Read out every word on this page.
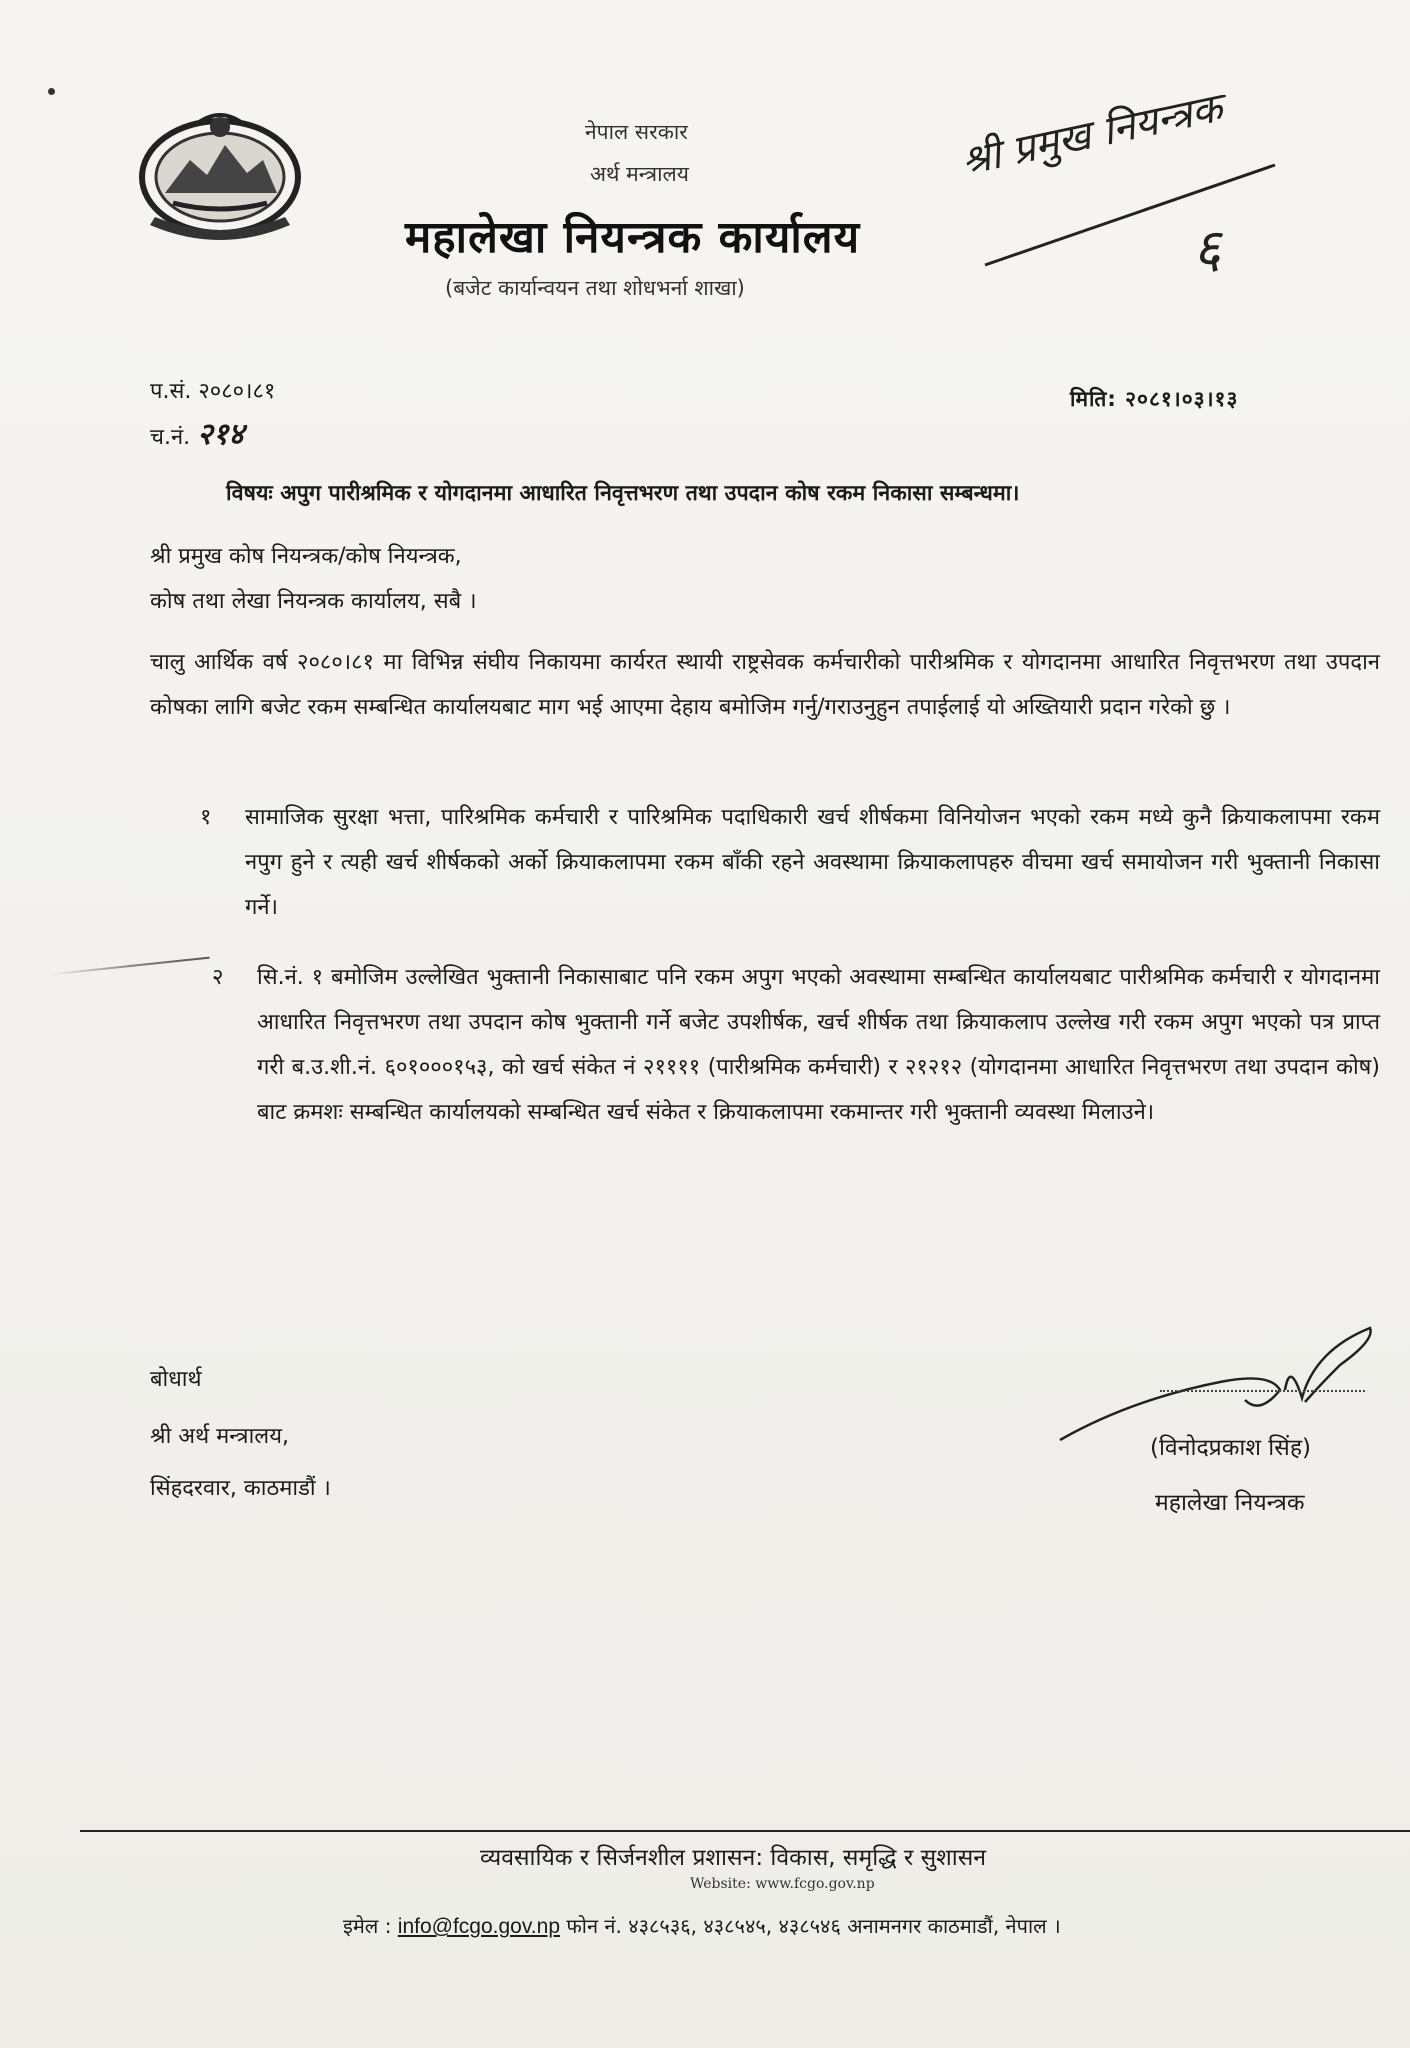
नेपाल सरकार
अर्थ मन्त्रालय
महालेखा नियन्त्रक कार्यालय
(बजेट कार्यान्वयन तथा शोधभर्ना शाखा)
श्री प्रमुख नियन्त्रक
६
प.सं. २०८०।८१
च.नं. २१४
मिति: २०८१।०३।१३
विषयः अपुग पारीश्रमिक र योगदानमा आधारित निवृत्तभरण तथा उपदान कोष रकम निकासा सम्बन्धमा।
श्री प्रमुख कोष नियन्त्रक/कोष नियन्त्रक,
कोष तथा लेखा नियन्त्रक कार्यालय, सबै ।
चालु आर्थिक वर्ष २०८०।८१ मा विभिन्न संघीय निकायमा कार्यरत स्थायी राष्ट्रसेवक कर्मचारीको पारीश्रमिक र योगदानमा आधारित निवृत्तभरण तथा उपदान कोषका लागि बजेट रकम सम्बन्धित कार्यालयबाट माग भई आएमा देहाय बमोजिम गर्नु/गराउनुहुन तपाईलाई यो अख्तियारी प्रदान गरेको छु ।
१	सामाजिक सुरक्षा भत्ता, पारिश्रमिक कर्मचारी र पारिश्रमिक पदाधिकारी खर्च शीर्षकमा विनियोजन भएको रकम मध्ये कुनै क्रियाकलापमा रकम नपुग हुने र त्यही खर्च शीर्षकको अर्को क्रियाकलापमा रकम बाँकी रहने अवस्थामा क्रियाकलापहरु वीचमा खर्च समायोजन गरी भुक्तानी निकासा गर्ने।
२	सि.नं. १ बमोजिम उल्लेखित भुक्तानी निकासाबाट पनि रकम अपुग भएको अवस्थामा सम्बन्धित कार्यालयबाट पारीश्रमिक कर्मचारी र योगदानमा आधारित निवृत्तभरण तथा उपदान कोष भुक्तानी गर्ने बजेट उपशीर्षक, खर्च शीर्षक तथा क्रियाकलाप उल्लेख गरी रकम अपुग भएको पत्र प्राप्त गरी ब.उ.शी.नं. ६०१०००१५३, को खर्च संकेत नं २११११ (पारीश्रमिक कर्मचारी) र २१२१२ (योगदानमा आधारित निवृत्तभरण तथा उपदान कोष) बाट क्रमशः सम्बन्धित कार्यालयको सम्बन्धित खर्च संकेत र क्रियाकलापमा रकमान्तर गरी भुक्तानी व्यवस्था मिलाउने।
बोधार्थ
श्री अर्थ मन्त्रालय,
सिंहदरवार, काठमाडौं ।
(विनोदप्रकाश सिंह)
महालेखा नियन्त्रक
व्यवसायिक र सिर्जनशील प्रशासन: विकास, समृद्धि र सुशासन
Website: www.fcgo.gov.np
इमेल : info@fcgo.gov.np फोन नं. ४३८५३६, ४३८५४५, ४३८५४६ अनामनगर काठमाडौं, नेपाल ।
